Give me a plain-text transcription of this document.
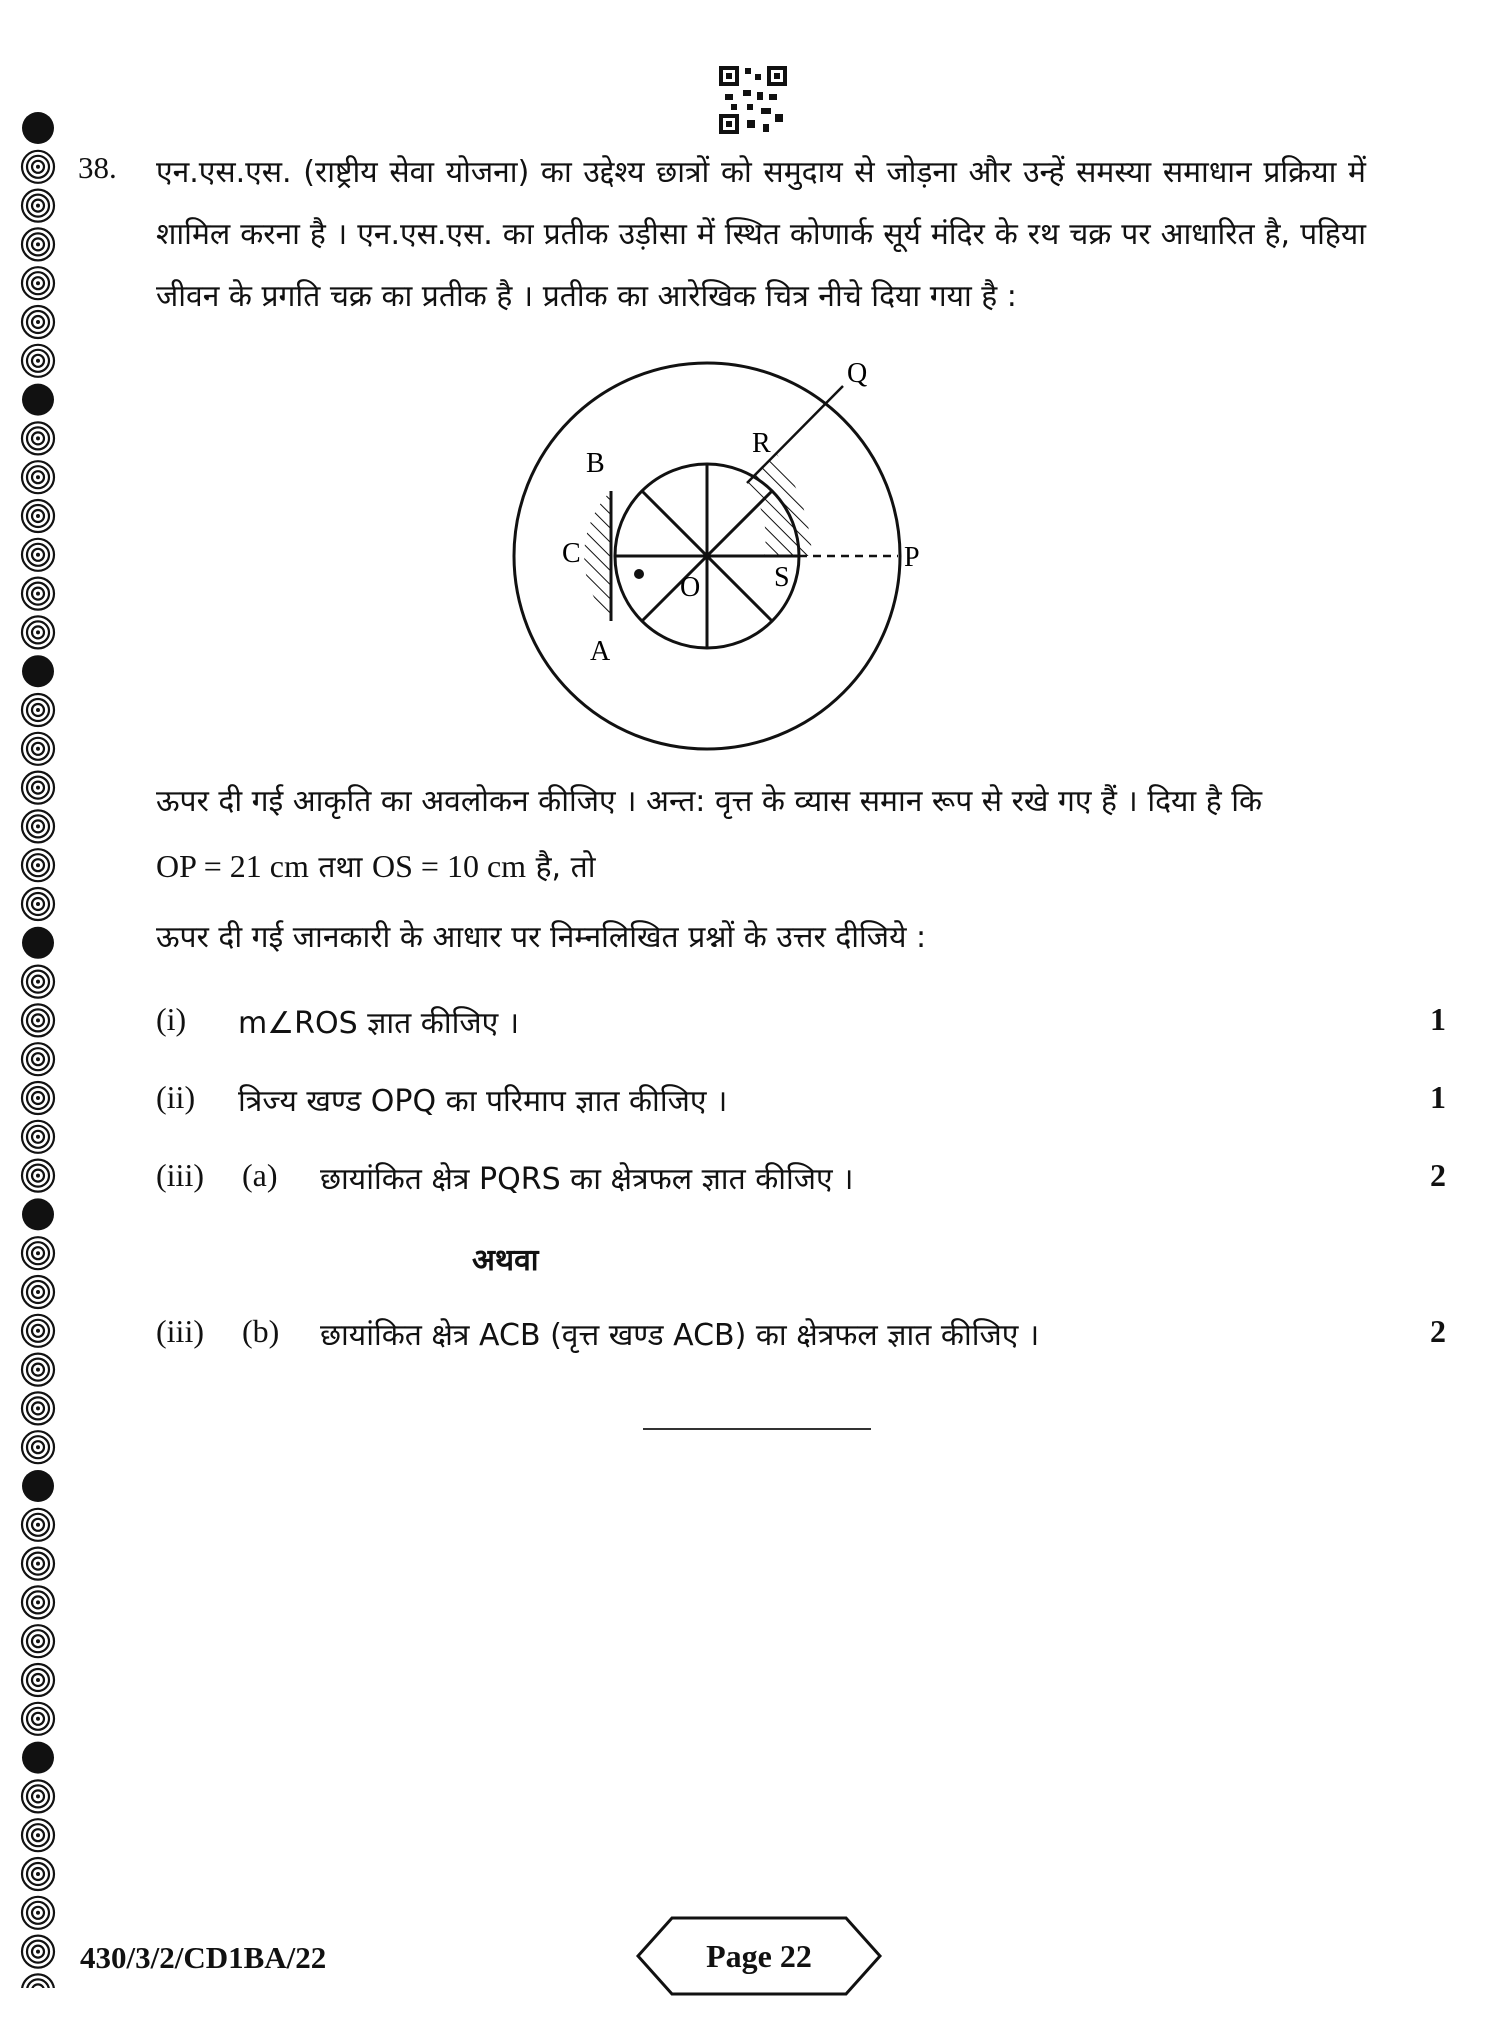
38. एन.एस.एस. (राष्ट्रीय सेवा योजना) का उद्देश्य छात्रों को समुदाय से जोड़ना और उन्हें समस्या समाधान प्रक्रिया में शामिल करना है । एन.एस.एस. का प्रतीक उड़ीसा में स्थित कोणार्क सूर्य मंदिर के रथ चक्र पर आधारित है, पहिया जीवन के प्रगति चक्र का प्रतीक है । प्रतीक का आरेखिक चित्र नीचे दिया गया है :
Q
R
B
C
O	S
P
A
ऊपर दी गई आकृति का अवलोकन कीजिए । अन्त: वृत्त के व्यास समान रूप से रखे गए हैं । दिया है कि
OP = 21 cm तथा OS = 10 cm है, तो
ऊपर दी गई जानकारी के आधार पर निम्नलिखित प्रश्नों के उत्तर दीजिये :
(i) m∠ROS ज्ञात कीजिए ।	1
(ii) त्रिज्य खण्ड OPQ का परिमाप ज्ञात कीजिए ।	1
(iii) (a) छायांकित क्षेत्र PQRS का क्षेत्रफल ज्ञात कीजिए ।	2
अथवा
(iii) (b) छायांकित क्षेत्र ACB (वृत्त खण्ड ACB) का क्षेत्रफल ज्ञात कीजिए ।	2
430/3/2/CD1BA/22	Page 22
